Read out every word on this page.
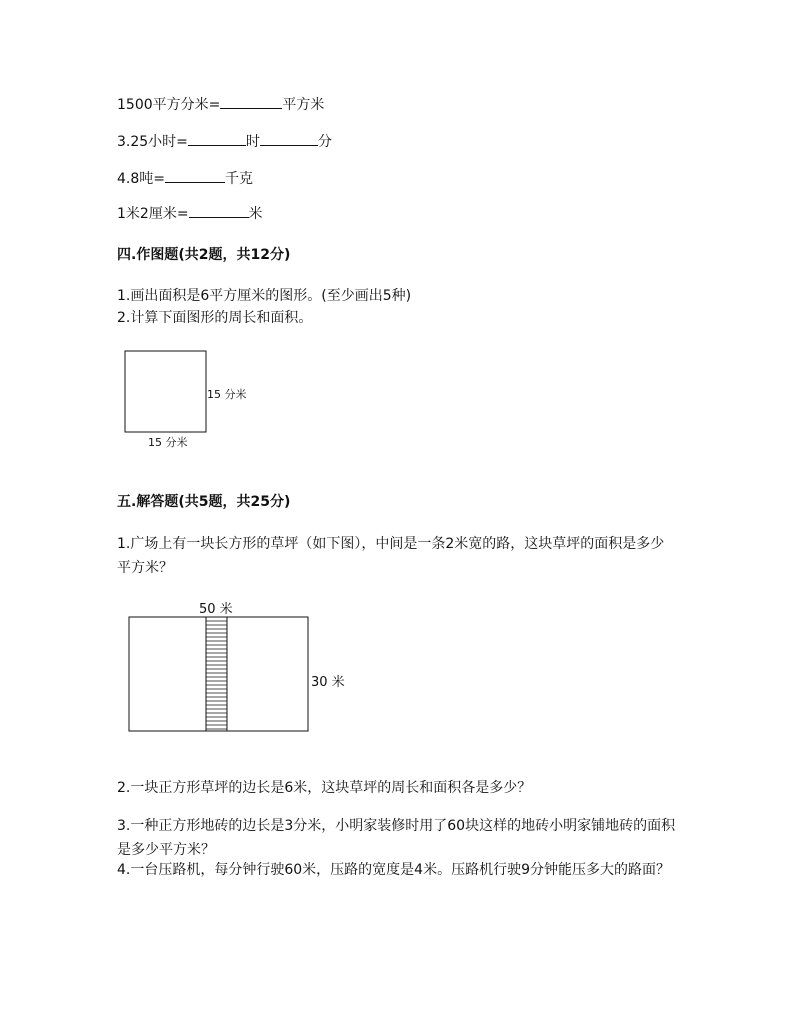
1500平方分米=	平方米
3.25小时=	时	分
4.8吨=	千克
1米2厘米=	米
四.作图题(共2题，共12分)
1.画出面积是6平方厘米的图形。(至少画出5种)
2.计算下面图形的周长和面积。
15 分米
15 分米
五.解答题(共5题，共25分)
1.广场上有一块长方形的草坪（如下图），中间是一条2米宽的路，这块草坪的面积是多少平方米？
50 米
30 米
2.一块正方形草坪的边长是6米，这块草坪的周长和面积各是多少？
3.一种正方形地砖的边长是3分米，小明家装修时用了60块这样的地砖小明家铺地砖的面积是多少平方米？
4.一台压路机，每分钟行驶60米，压路的宽度是4米。压路机行驶9分钟能压多大的路面？
